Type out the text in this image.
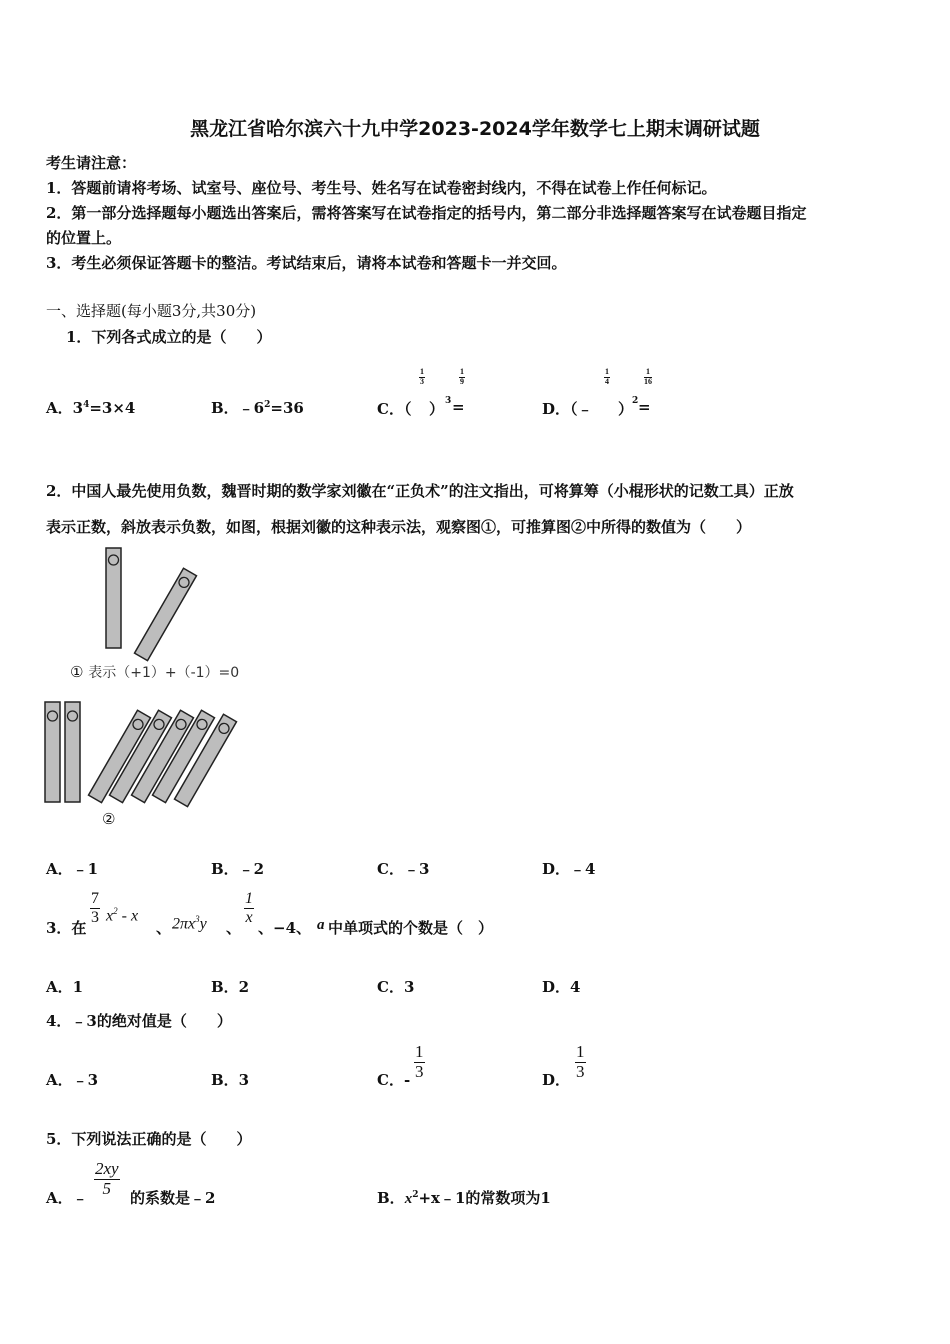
黑龙江省哈尔滨六十九中学2023-2024学年数学七上期末调研试题
考生请注意：
1．答题前请将考场、试室号、座位号、考生号、姓名写在试卷密封线内，不得在试卷上作任何标记。
2．第一部分选择题每小题选出答案后，需将答案写在试卷指定的括号内，第二部分非选择题答案写在试卷题目指定
的位置上。
3．考生必须保证答题卡的整洁。考试结束后，请将本试卷和答题卡一并交回。
一、选择题(每小题3分,共30分)
1．下列各式成立的是（　　）
A．$3^4=3\times 4$	B．$﹣6^2=36$	C．（
$\frac{1}{3}$
） 3 =
$\frac{1}{9}$
D．（﹣
$\frac{1}{4}$
）
2 =
$\frac{1}{16}$
2．中国人最先使用负数，魏晋时期的数学家刘徽在“正负术”的注文指出，可将算筹（小棍形状的记数工具）正放
表示正数，斜放表示负数，如图，根据刘徽的这种表示法，观察图①，可推算图②中所得的数值为（　　）
① 表示（+1）+（-1）=0
②
A．﹣1	B．﹣2	C．﹣3	D．﹣4
3．在
$\frac{7}{3} x^2$ - x
、 $2\pi x^3y$ 、
$\frac{1}{x}$
、−4、 a 中单项式的个数是（　）
A．1	B．2	C．3	D．4
4．﹣3的绝对值是（　　）
A．﹣3	B．3	C．- $\frac{1}{3}$	D． $\frac{1}{3}$
5．下列说法正确的是（　　）
A．﹣ $\frac{2xy}{5}$ 的系数是﹣2	B．$x^2+x﹣1$的常数项为1
